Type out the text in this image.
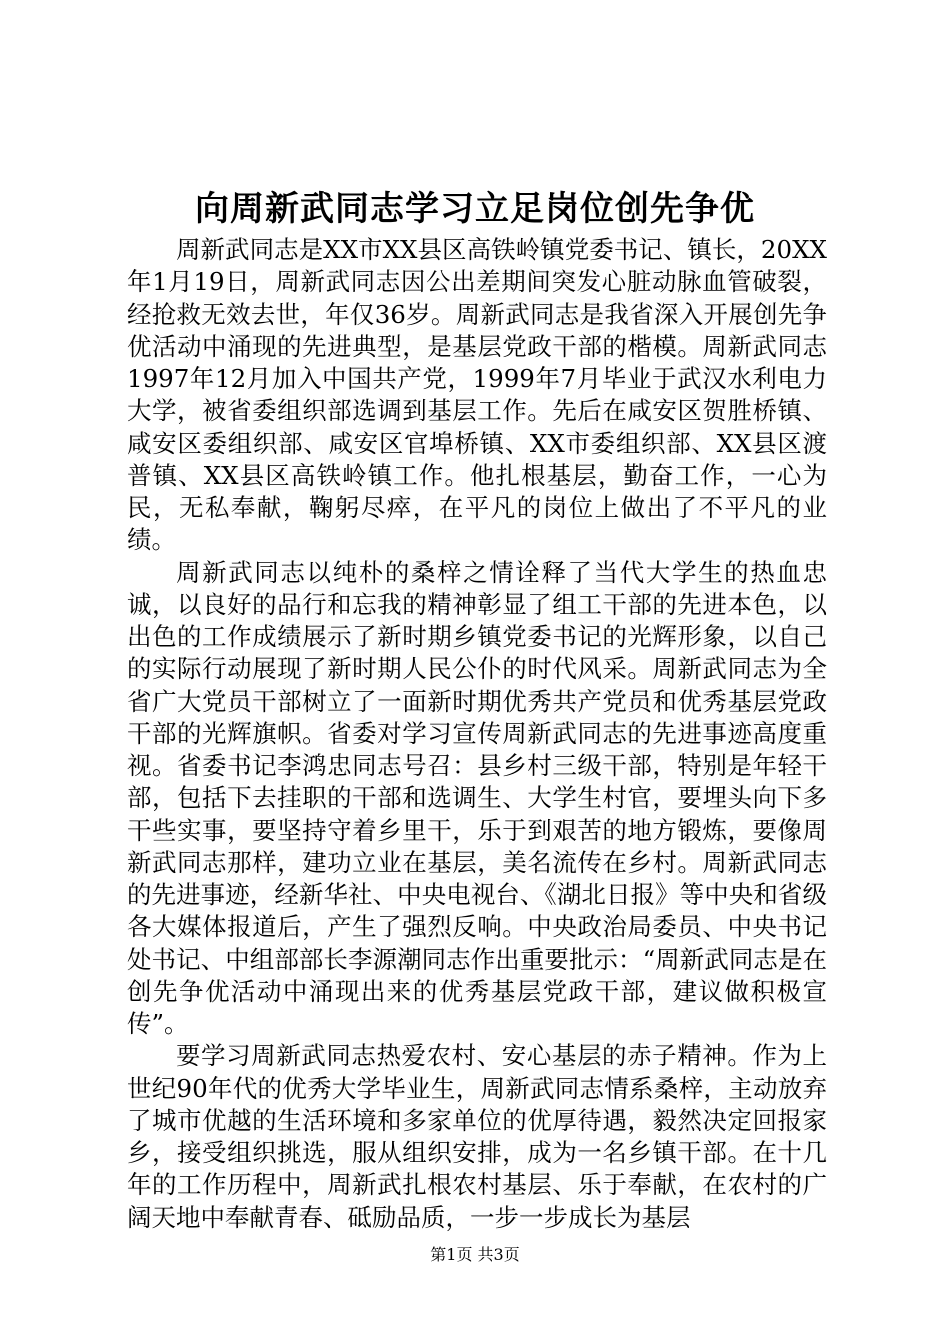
向周新武同志学习立足岗位创先争优

周新武同志是XX市XX县区高铁岭镇党委书记、镇长，20XX年1月19日，周新武同志因公出差期间突发心脏动脉血管破裂，经抢救无效去世，年仅36岁。周新武同志是我省深入开展创先争优活动中涌现的先进典型，是基层党政干部的楷模。周新武同志1997年12月加入中国共产党，1999年7月毕业于武汉水利电力大学，被省委组织部选调到基层工作。先后在咸安区贺胜桥镇、咸安区委组织部、咸安区官埠桥镇、XX市委组织部、XX县区渡普镇、XX县区高铁岭镇工作。他扎根基层，勤奋工作，一心为民，无私奉献，鞠躬尽瘁，在平凡的岗位上做出了不平凡的业绩。

周新武同志以纯朴的桑梓之情诠释了当代大学生的热血忠诚，以良好的品行和忘我的精神彰显了组工干部的先进本色，以出色的工作成绩展示了新时期乡镇党委书记的光辉形象，以自己的实际行动展现了新时期人民公仆的时代风采。周新武同志为全省广大党员干部树立了一面新时期优秀共产党员和优秀基层党政干部的光辉旗帜。省委对学习宣传周新武同志的先进事迹高度重视。省委书记李鸿忠同志号召：县乡村三级干部，特别是年轻干部，包括下去挂职的干部和选调生、大学生村官，要埋头向下多干些实事，要坚持守着乡里干，乐于到艰苦的地方锻炼，要像周新武同志那样，建功立业在基层，美名流传在乡村。周新武同志的先进事迹，经新华社、中央电视台、《湖北日报》等中央和省级各大媒体报道后，产生了强烈反响。中央政治局委员、中央书记处书记、中组部部长李源潮同志作出重要批示：“周新武同志是在创先争优活动中涌现出来的优秀基层党政干部，建议做积极宣传”。

要学习周新武同志热爱农村、安心基层的赤子精神。作为上世纪90年代的优秀大学毕业生，周新武同志情系桑梓，主动放弃了城市优越的生活环境和多家单位的优厚待遇，毅然决定回报家乡，接受组织挑选，服从组织安排，成为一名乡镇干部。在十几年的工作历程中，周新武扎根农村基层、乐于奉献，在农村的广阔天地中奉献青春、砥励品质，一步一步成长为基层

第1页 共3页
